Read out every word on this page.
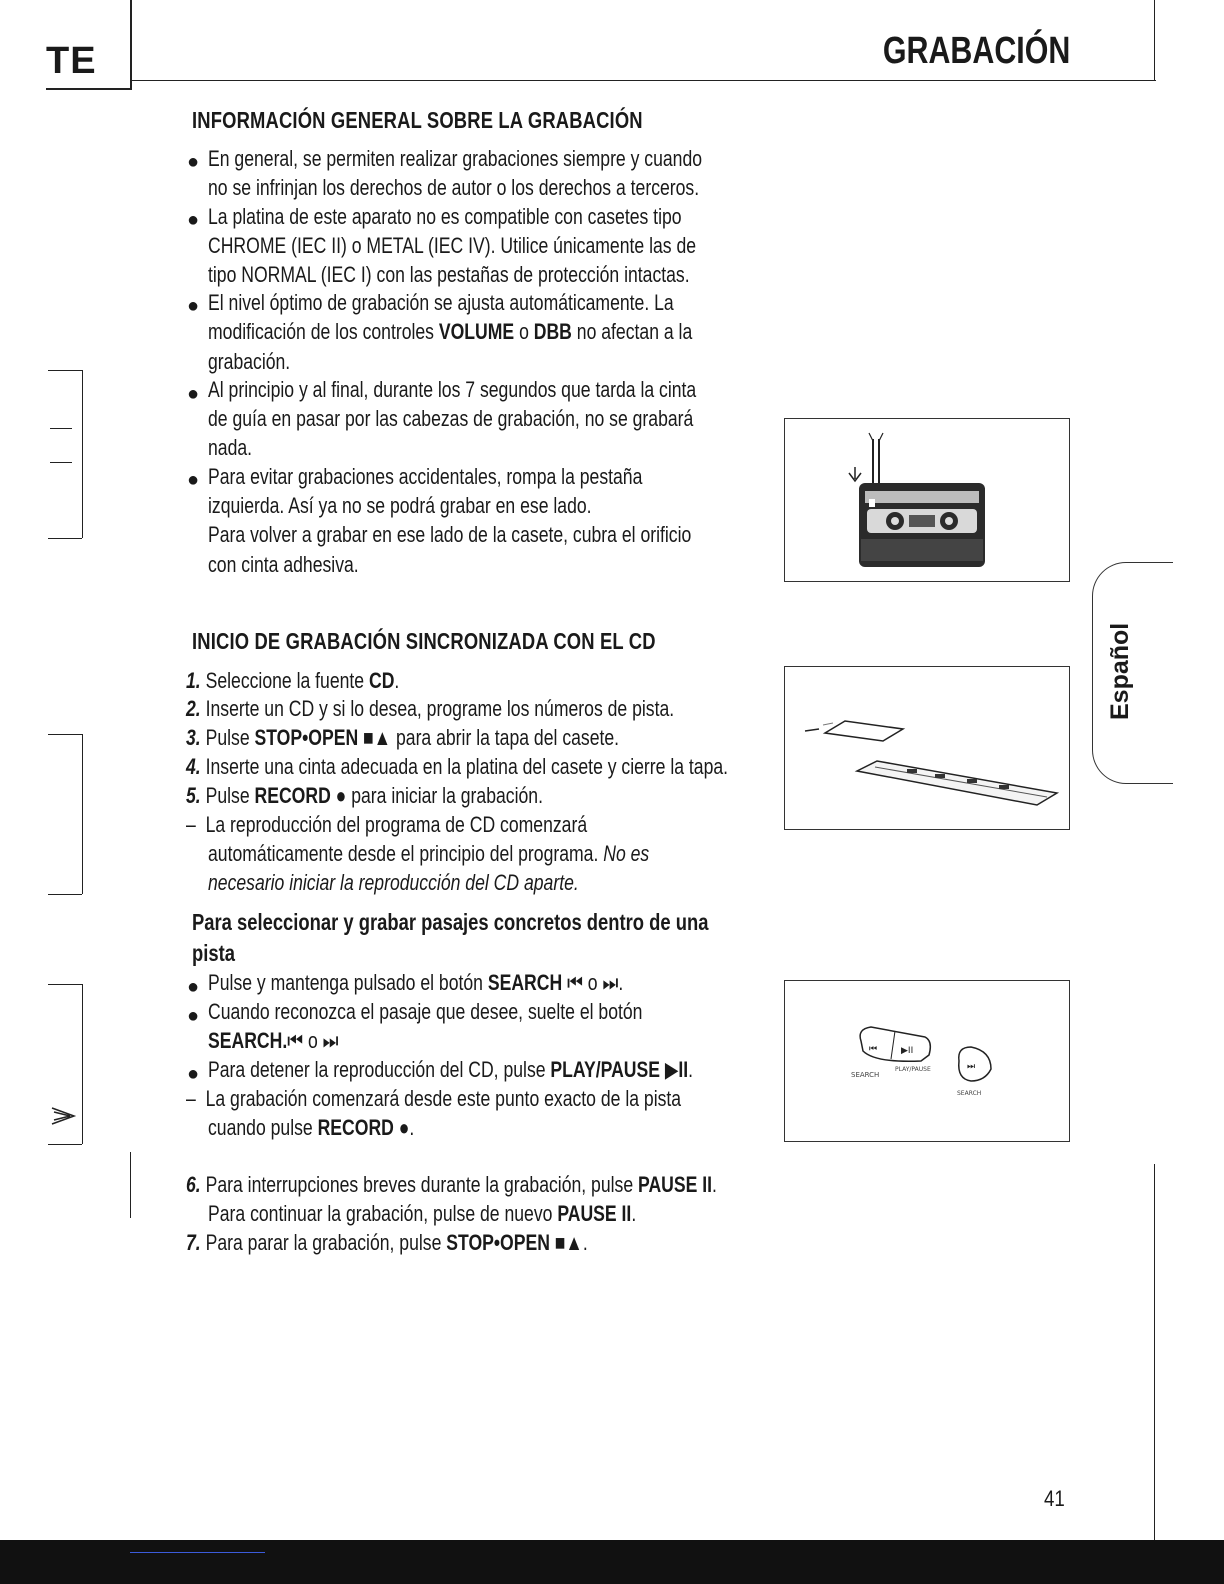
TE	GRABACIÓN
INFORMACIÓN GENERAL SOBRE LA GRABACIÓN
● En general, se permiten realizar grabaciones siempre y cuando
no se infrinjan los derechos de autor o los derechos a terceros.
● La platina de este aparato no es compatible con casetes tipo
CHROME (IEC II) o METAL (IEC IV). Utilice únicamente las de
tipo NORMAL (IEC I) con las pestañas de protección intactas.
● El nivel óptimo de grabación se ajusta automáticamente. La
modificación de los controles VOLUME o DBB no afectan a la
grabación.
● Al principio y al final, durante los 7 segundos que tarda la cinta
de guía en pasar por las cabezas de grabación, no se grabará
nada.
● Para evitar grabaciones accidentales, rompa la pestaña
izquierda. Así ya no se podrá grabar en ese lado.
Para volver a grabar en ese lado de la casete, cubra el orificio
con cinta adhesiva.
INICIO DE GRABACIÓN SINCRONIZADA CON EL CD
1. Seleccione la fuente CD.
2. Inserte un CD y si lo desea, programe los números de pista.
3. Pulse STOP•OPEN ■▲ para abrir la tapa del casete.
4. Inserte una cinta adecuada en la platina del casete y cierre la tapa.
5. Pulse RECORD ● para iniciar la grabación.
–  La reproducción del programa de CD comenzará
automáticamente desde el principio del programa. No es
necesario iniciar la reproducción del CD aparte.
Para seleccionar y grabar pasajes concretos dentro de una
pista
● Pulse y mantenga pulsado el botón SEARCH ⏮ o ⏭.
● Cuando reconozca el pasaje que desee, suelte el botón
SEARCH.⏮ o ⏭
● Para detener la reproducción del CD, pulse PLAY/PAUSE ▶II.
–  La grabación comenzará desde este punto exacto de la pista
cuando pulse RECORD ●.
⏮	▶II
SEARCH
PLAY/PAUSE	⏭
SEARCH
6. Para interrupciones breves durante la grabación, pulse PAUSE II.
Para continuar la grabación, pulse de nuevo PAUSE II.
7. Para parar la grabación, pulse STOP•OPEN ■▲.
Español
41
